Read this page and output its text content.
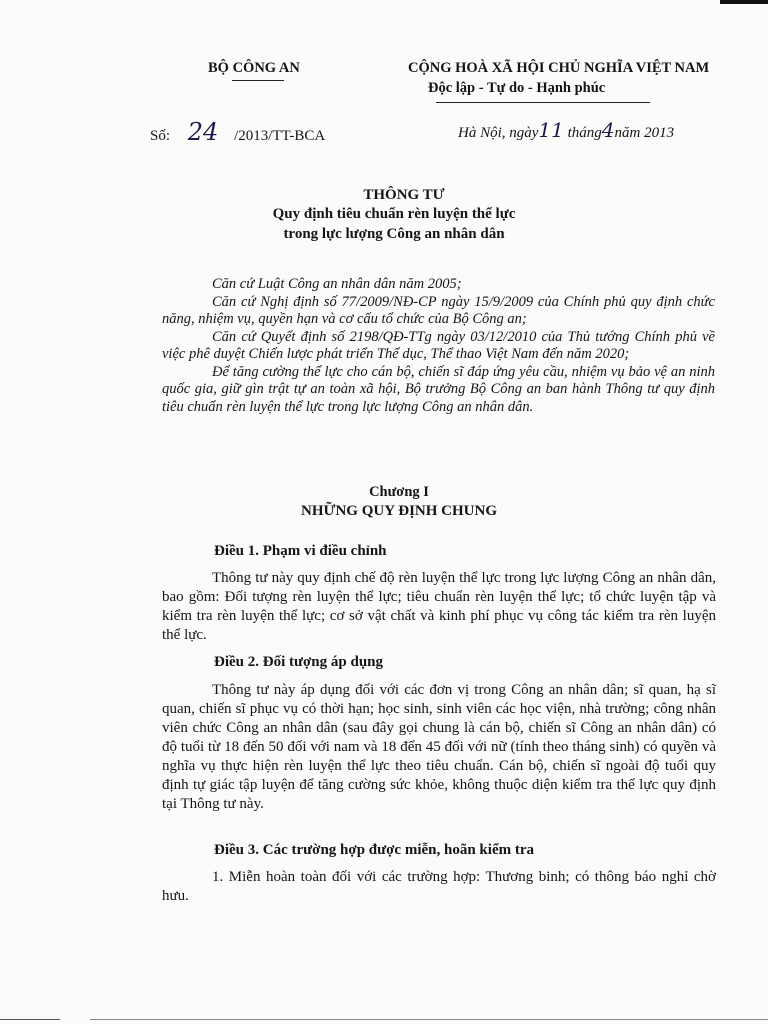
BỘ CÔNG AN	CỘNG HOÀ XÃ HỘI CHỦ NGHĨA VIỆT NAM
Độc lập - Tự do - Hạnh phúc
Số: 24 /2013/TT-BCA	Hà Nội, ngày11 tháng4năm 2013
THÔNG TƯ
Quy định tiêu chuẩn rèn luyện thể lực
trong lực lượng Công an nhân dân

Căn cứ Luật Công an nhân dân năm 2005;

Căn cứ Nghị định số 77/2009/NĐ-CP ngày 15/9/2009 của Chính phủ quy định chức năng, nhiệm vụ, quyền hạn và cơ cấu tổ chức của Bộ Công an;

Căn cứ Quyết định số 2198/QĐ-TTg ngày 03/12/2010 của Thủ tướng Chính phủ về việc phê duyệt Chiến lược phát triển Thể dục, Thể thao Việt Nam đến năm 2020;

Để tăng cường thể lực cho cán bộ, chiến sĩ đáp ứng yêu cầu, nhiệm vụ bảo vệ an ninh quốc gia, giữ gìn trật tự an toàn xã hội, Bộ trưởng Bộ Công an ban hành Thông tư quy định tiêu chuẩn rèn luyện thể lực trong lực lượng Công an nhân dân.

Chương I
NHỮNG QUY ĐỊNH CHUNG
Điều 1. Phạm vi điều chỉnh

Thông tư này quy định chế độ rèn luyện thể lực trong lực lượng Công an nhân dân, bao gồm: Đối tượng rèn luyện thể lực; tiêu chuẩn rèn luyện thể lực; tổ chức luyện tập và kiểm tra rèn luyện thể lực; cơ sở vật chất và kinh phí phục vụ công tác kiểm tra rèn luyện thể lực.

Điều 2. Đối tượng áp dụng

Thông tư này áp dụng đối với các đơn vị trong Công an nhân dân; sĩ quan, hạ sĩ quan, chiến sĩ phục vụ có thời hạn; học sinh, sinh viên các học viện, nhà trường; công nhân viên chức Công an nhân dân (sau đây gọi chung là cán bộ, chiến sĩ Công an nhân dân) có độ tuổi từ 18 đến 50 đối với nam và 18 đến 45 đối với nữ (tính theo tháng sinh) có quyền và nghĩa vụ thực hiện rèn luyện thể lực theo tiêu chuẩn. Cán bộ, chiến sĩ ngoài độ tuổi quy định tự giác tập luyện để tăng cường sức khỏe, không thuộc diện kiểm tra thể lực quy định tại Thông tư này.

Điều 3. Các trường hợp được miễn, hoãn kiểm tra

1. Miễn hoàn toàn đối với các trường hợp: Thương binh; có thông báo nghỉ chờ hưu.
